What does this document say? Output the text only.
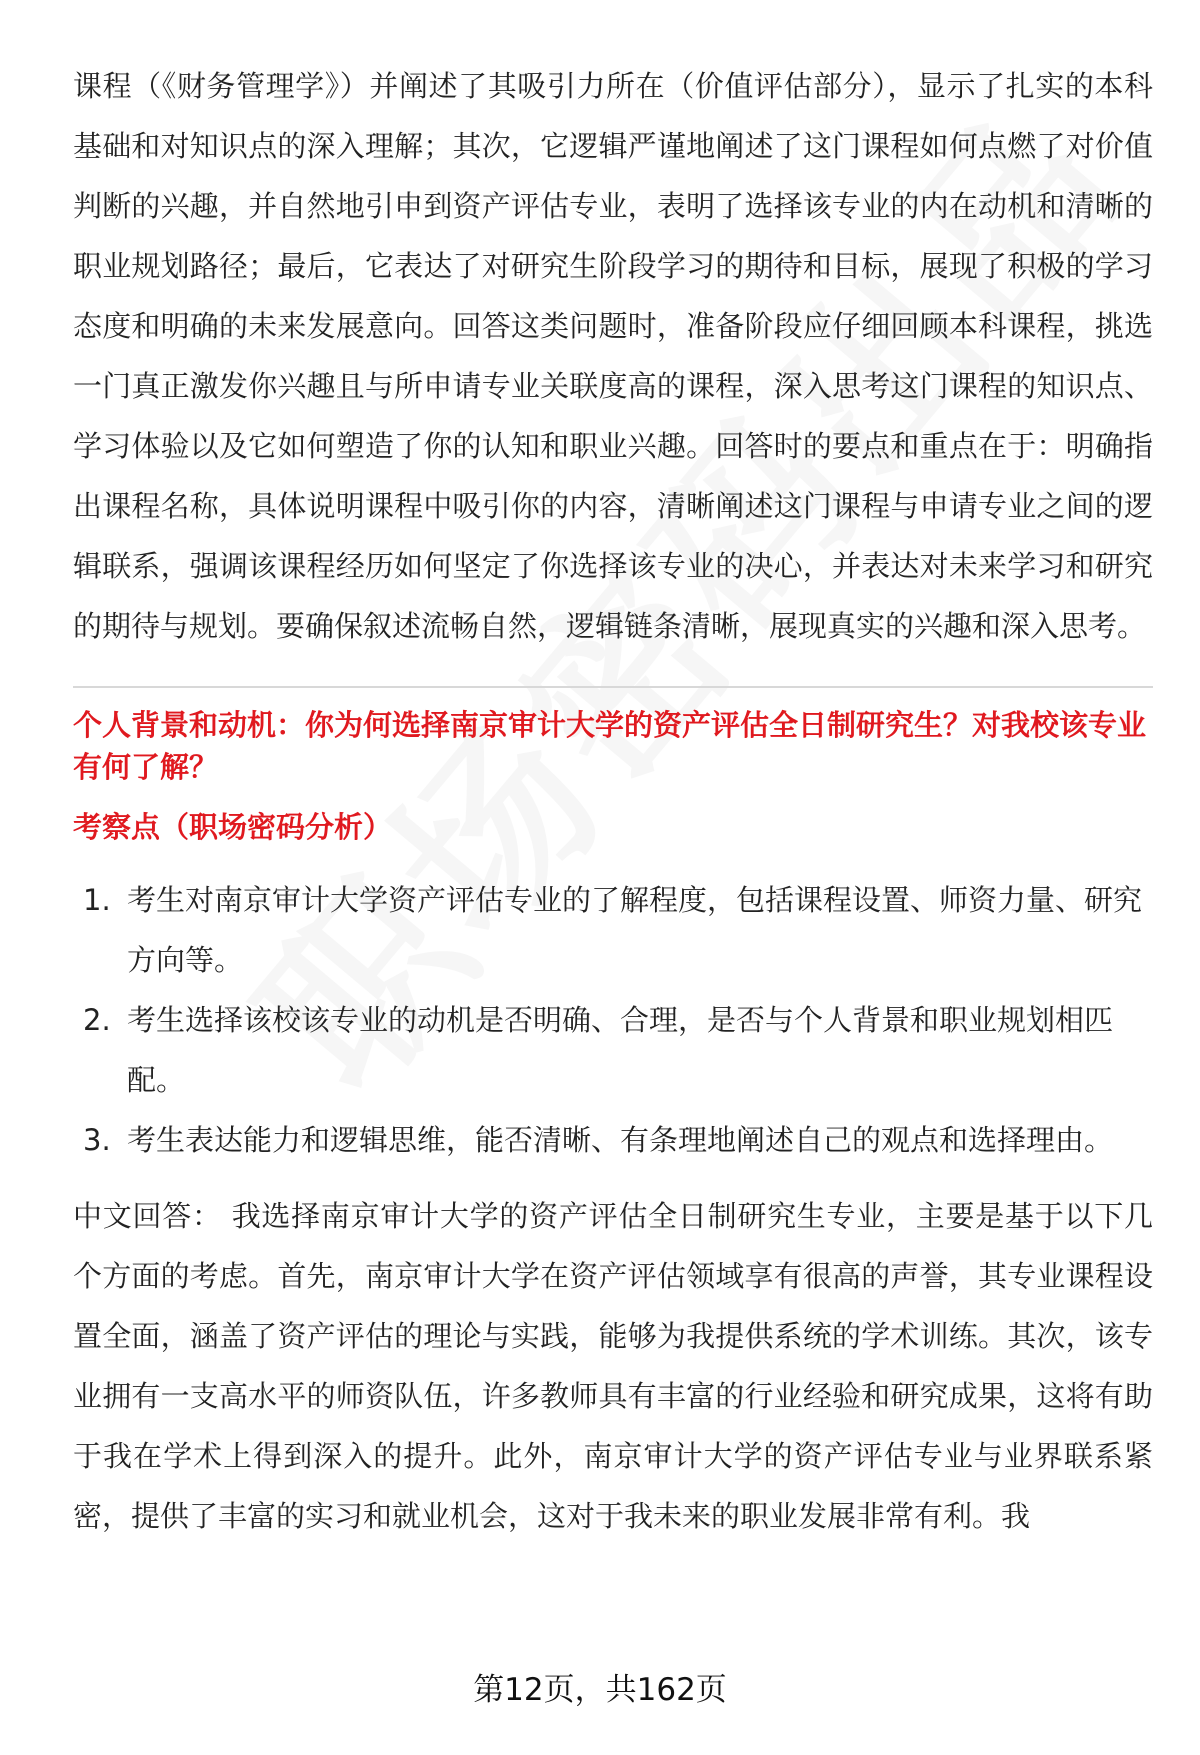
课程（《财务管理学》）并阐述了其吸引力所在（价值评估部分），显示了扎实的本科基础和对知识点的深入理解；其次，它逻辑严谨地阐述了这门课程如何点燃了对价值判断的兴趣，并自然地引申到资产评估专业，表明了选择该专业的内在动机和清晰的职业规划路径；最后，它表达了对研究生阶段学习的期待和目标，展现了积极的学习态度和明确的未来发展意向。回答这类问题时，准备阶段应仔细回顾本科课程，挑选一门真正激发你兴趣且与所申请专业关联度高的课程，深入思考这门课程的知识点、学习体验以及它如何塑造了你的认知和职业兴趣。回答时的要点和重点在于：明确指出课程名称，具体说明课程中吸引你的内容，清晰阐述这门课程与申请专业之间的逻辑联系，强调该课程经历如何坚定了你选择该专业的决心，并表达对未来学习和研究的期待与规划。要确保叙述流畅自然，逻辑链条清晰，展现真实的兴趣和深入思考。

个人背景和动机：你为何选择南京审计大学的资产评估全日制研究生？对我校该专业有何了解？

考察点（职场密码分析）

1. 考生对南京审计大学资产评估专业的了解程度，包括课程设置、师资力量、研究方向等。
2. 考生选择该校该专业的动机是否明确、合理，是否与个人背景和职业规划相匹配。
3. 考生表达能力和逻辑思维，能否清晰、有条理地阐述自己的观点和选择理由。

中文回答： 我选择南京审计大学的资产评估全日制研究生专业，主要是基于以下几个方面的考虑。首先，南京审计大学在资产评估领域享有很高的声誉，其专业课程设置全面，涵盖了资产评估的理论与实践，能够为我提供系统的学术训练。其次，该专业拥有一支高水平的师资队伍，许多教师具有丰富的行业经验和研究成果，这将有助于我在学术上得到深入的提升。此外，南京审计大学的资产评估专业与业界联系紧密，提供了丰富的实习和就业机会，这对于我未来的职业发展非常有利。我

第12页，共162页
